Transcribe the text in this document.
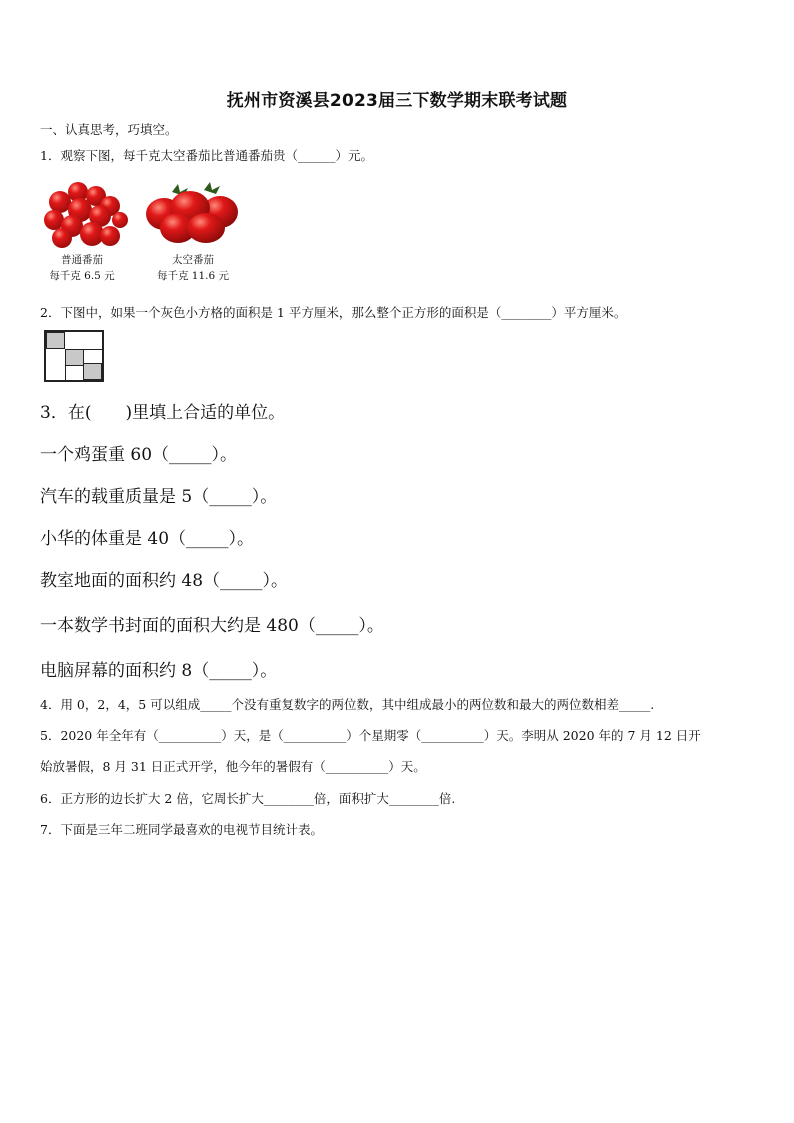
抚州市资溪县2023届三下数学期末联考试题
一、认真思考，巧填空。
1．观察下图，每千克太空番茄比普通番茄贵（______）元。
普通番茄
每千克 6.5 元
太空番茄
每千克 11.6 元
2．下图中，如果一个灰色小方格的面积是 1 平方厘米，那么整个正方形的面积是（________）平方厘米。
3．在(　　)里填上合适的单位。
一个鸡蛋重 60（_____）。
汽车的载重质量是 5（_____）。
小华的体重是 40（_____）。
教室地面的面积约 48（_____）。
一本数学书封面的面积大约是 480（_____）。
电脑屏幕的面积约 8（_____）。
4．用 0，2，4，5 可以组成_____个没有重复数字的两位数，其中组成最小的两位数和最大的两位数相差_____.
5．2020 年全年有（__________）天，是（__________）个星期零（__________）天。李明从 2020 年的 7 月 12 日开
始放暑假，8 月 31 日正式开学，他今年的暑假有（__________）天。
6．正方形的边长扩大 2 倍，它周长扩大________倍，面积扩大________倍.
7．下面是三年二班同学最喜欢的电视节目统计表。
